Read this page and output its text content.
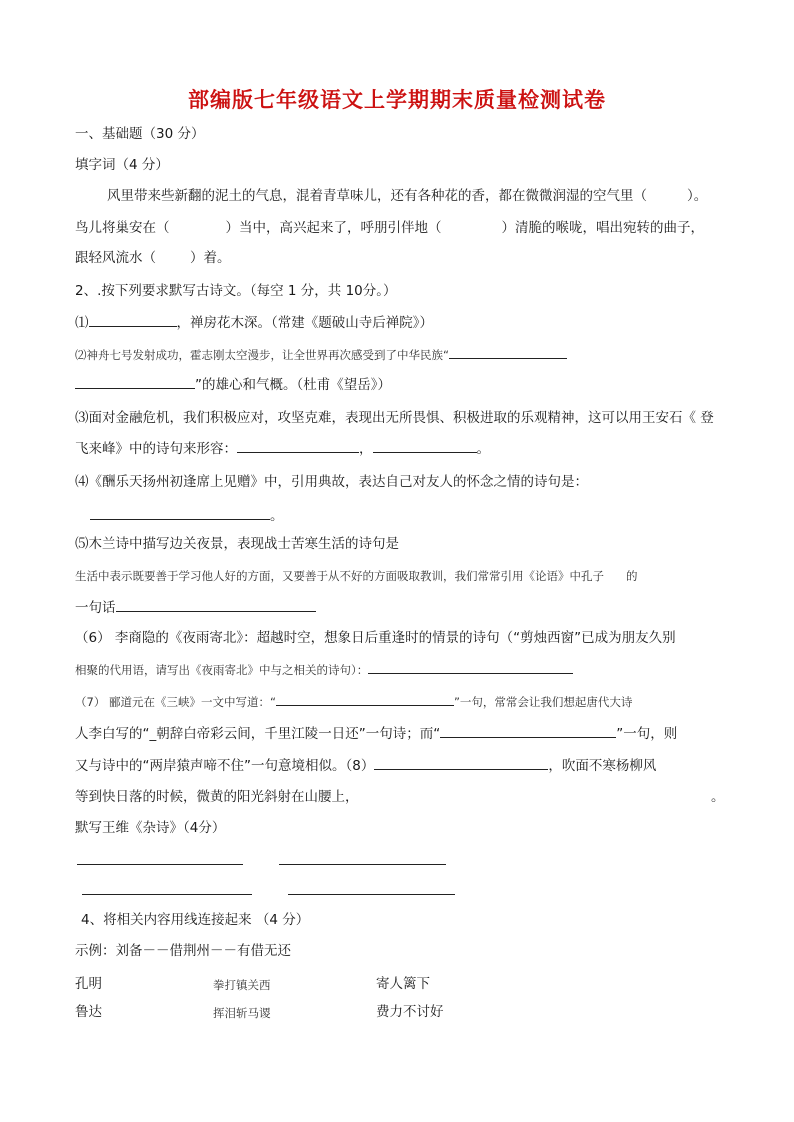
部编版七年级语文上学期期末质量检测试卷
一、基础题（30 分）
填字词（4 分）
风里带来些新翻的泥土的气息，混着青草味儿，还有各种花的香，都在微微润湿的空气里（	）。
鸟儿将巢安在（	）当中，高兴起来了，呼朋引伴地（	）清脆的喉咙，唱出宛转的曲子，
跟轻风流水（	）着。
2、.按下列要求默写古诗文。（每空 1 分，共 10分。）
⑴	，禅房花木深。（常建《题破山寺后禅院》）
⑵神舟七号发射成功，霍志刚太空漫步，让全世界再次感受到了中华民族“
”的雄心和气概。（杜甫《望岳》）
⑶面对金融危机，我们积极应对，攻坚克难，表现出无所畏惧、积极进取的乐观精神，这可以用王安石《 登
飞来峰》中的诗句来形容：	，	。
⑷《酬乐天扬州初逢席上见赠》中，引用典故，表达自己对友人的怀念之情的诗句是：
。
⑸木兰诗中描写边关夜景，表现战士苦寒生活的诗句是
生活中表示既要善于学习他人好的方面，又要善于从不好的方面吸取教训，我们常常引用《论语》中孔子 的
一句话
（6） 李商隐的《夜雨寄北》：超越时空，想象日后重逢时的情景的诗句（“剪烛西窗”已成为朋友久别
相聚的代用语，请写出《夜雨寄北》中与之相关的诗句）：
（7） 郦道元在《三峡》一文中写道：“	”一句，常常会让我们想起唐代大诗
人李白写的“_朝辞白帝彩云间，千里江陵一日还”一句诗；而“	”一句，则
又与诗中的“两岸猿声啼不住”一句意境相似。（8）	，吹面不寒杨柳风
等到快日落的时候，微黄的阳光斜射在山腰上，	。
默写王维《杂诗》（4分）
4、将相关内容用线连接起来 （4 分）
示例：刘备－－借荆州－－有借无还
孔明	拳打镇关西	寄人篱下
鲁达	挥泪斩马谡	费力不讨好
